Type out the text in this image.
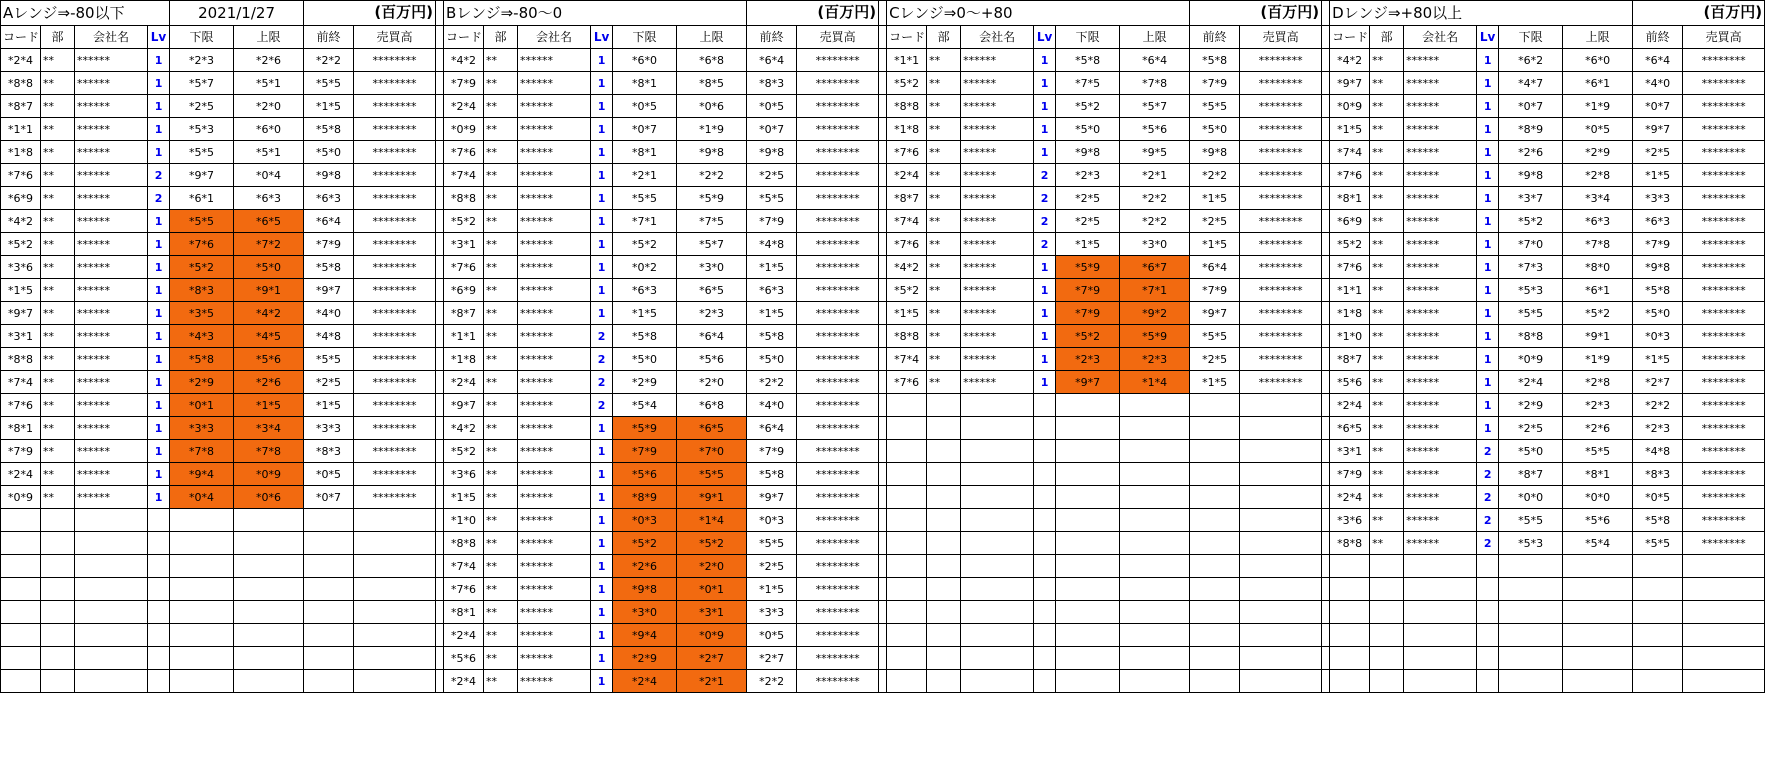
Aレンジ⇒-80以下				2021/1/27		(百万円)			Bレンジ⇒-80～0						(百万円)			Cレンジ⇒0～+80						(百万円)			Dレンジ⇒+80以上						(百万円)	
コード	部	会社名	Lv	下限	上限	前終	売買高		コード	部	会社名	Lv	下限	上限	前終	売買高		コード	部	会社名	Lv	下限	上限	前終	売買高		コード	部	会社名	Lv	下限	上限	前終	売買高
*2*4	**	******	1	*2*3	*2*6	*2*2	********		*4*2	**	******	1	*6*0	*6*8	*6*4	********		*1*1	**	******	1	*5*8	*6*4	*5*8	********		*4*2	**	******	1	*6*2	*6*0	*6*4	********
*8*8	**	******	1	*5*7	*5*1	*5*5	********		*7*9	**	******	1	*8*1	*8*5	*8*3	********		*5*2	**	******	1	*7*5	*7*8	*7*9	********		*9*7	**	******	1	*4*7	*6*1	*4*0	********
*8*7	**	******	1	*2*5	*2*0	*1*5	********		*2*4	**	******	1	*0*5	*0*6	*0*5	********		*8*8	**	******	1	*5*2	*5*7	*5*5	********		*0*9	**	******	1	*0*7	*1*9	*0*7	********
*1*1	**	******	1	*5*3	*6*0	*5*8	********		*0*9	**	******	1	*0*7	*1*9	*0*7	********		*1*8	**	******	1	*5*0	*5*6	*5*0	********		*1*5	**	******	1	*8*9	*0*5	*9*7	********
*1*8	**	******	1	*5*5	*5*1	*5*0	********		*7*6	**	******	1	*8*1	*9*8	*9*8	********		*7*6	**	******	1	*9*8	*9*5	*9*8	********		*7*4	**	******	1	*2*6	*2*9	*2*5	********
*7*6	**	******	2	*9*7	*0*4	*9*8	********		*7*4	**	******	1	*2*1	*2*2	*2*5	********		*2*4	**	******	2	*2*3	*2*1	*2*2	********		*7*6	**	******	1	*9*8	*2*8	*1*5	********
*6*9	**	******	2	*6*1	*6*3	*6*3	********		*8*8	**	******	1	*5*5	*5*9	*5*5	********		*8*7	**	******	2	*2*5	*2*2	*1*5	********		*8*1	**	******	1	*3*7	*3*4	*3*3	********
*4*2	**	******	1	*5*5	*6*5	*6*4	********		*5*2	**	******	1	*7*1	*7*5	*7*9	********		*7*4	**	******	2	*2*5	*2*2	*2*5	********		*6*9	**	******	1	*5*2	*6*3	*6*3	********
*5*2	**	******	1	*7*6	*7*2	*7*9	********		*3*1	**	******	1	*5*2	*5*7	*4*8	********		*7*6	**	******	2	*1*5	*3*0	*1*5	********		*5*2	**	******	1	*7*0	*7*8	*7*9	********
*3*6	**	******	1	*5*2	*5*0	*5*8	********		*7*6	**	******	1	*0*2	*3*0	*1*5	********		*4*2	**	******	1	*5*9	*6*7	*6*4	********		*7*6	**	******	1	*7*3	*8*0	*9*8	********
*1*5	**	******	1	*8*3	*9*1	*9*7	********		*6*9	**	******	1	*6*3	*6*5	*6*3	********		*5*2	**	******	1	*7*9	*7*1	*7*9	********		*1*1	**	******	1	*5*3	*6*1	*5*8	********
*9*7	**	******	1	*3*5	*4*2	*4*0	********		*8*7	**	******	1	*1*5	*2*3	*1*5	********		*1*5	**	******	1	*7*9	*9*2	*9*7	********		*1*8	**	******	1	*5*5	*5*2	*5*0	********
*3*1	**	******	1	*4*3	*4*5	*4*8	********		*1*1	**	******	2	*5*8	*6*4	*5*8	********		*8*8	**	******	1	*5*2	*5*9	*5*5	********		*1*0	**	******	1	*8*8	*9*1	*0*3	********
*8*8	**	******	1	*5*8	*5*6	*5*5	********		*1*8	**	******	2	*5*0	*5*6	*5*0	********		*7*4	**	******	1	*2*3	*2*3	*2*5	********		*8*7	**	******	1	*0*9	*1*9	*1*5	********
*7*4	**	******	1	*2*9	*2*6	*2*5	********		*2*4	**	******	2	*2*9	*2*0	*2*2	********		*7*6	**	******	1	*9*7	*1*4	*1*5	********		*5*6	**	******	1	*2*4	*2*8	*2*7	********
*7*6	**	******	1	*0*1	*1*5	*1*5	********		*9*7	**	******	2	*5*4	*6*8	*4*0	********											*2*4	**	******	1	*2*9	*2*3	*2*2	********
*8*1	**	******	1	*3*3	*3*4	*3*3	********		*4*2	**	******	1	*5*9	*6*5	*6*4	********											*6*5	**	******	1	*2*5	*2*6	*2*3	********
*7*9	**	******	1	*7*8	*7*8	*8*3	********		*5*2	**	******	1	*7*9	*7*0	*7*9	********											*3*1	**	******	2	*5*0	*5*5	*4*8	********
*2*4	**	******	1	*9*4	*0*9	*0*5	********		*3*6	**	******	1	*5*6	*5*5	*5*8	********											*7*9	**	******	2	*8*7	*8*1	*8*3	********
*0*9	**	******	1	*0*4	*0*6	*0*7	********		*1*5	**	******	1	*8*9	*9*1	*9*7	********											*2*4	**	******	2	*0*0	*0*0	*0*5	********
									*1*0	**	******	1	*0*3	*1*4	*0*3	********											*3*6	**	******	2	*5*5	*5*6	*5*8	********
									*8*8	**	******	1	*5*2	*5*2	*5*5	********											*8*8	**	******	2	*5*3	*5*4	*5*5	********
									*7*4	**	******	1	*2*6	*2*0	*2*5	********																		
									*7*6	**	******	1	*9*8	*0*1	*1*5	********																		
									*8*1	**	******	1	*3*0	*3*1	*3*3	********																		
									*2*4	**	******	1	*9*4	*0*9	*0*5	********																		
									*5*6	**	******	1	*2*9	*2*7	*2*7	********																		
									*2*4	**	******	1	*2*4	*2*1	*2*2	********																		
